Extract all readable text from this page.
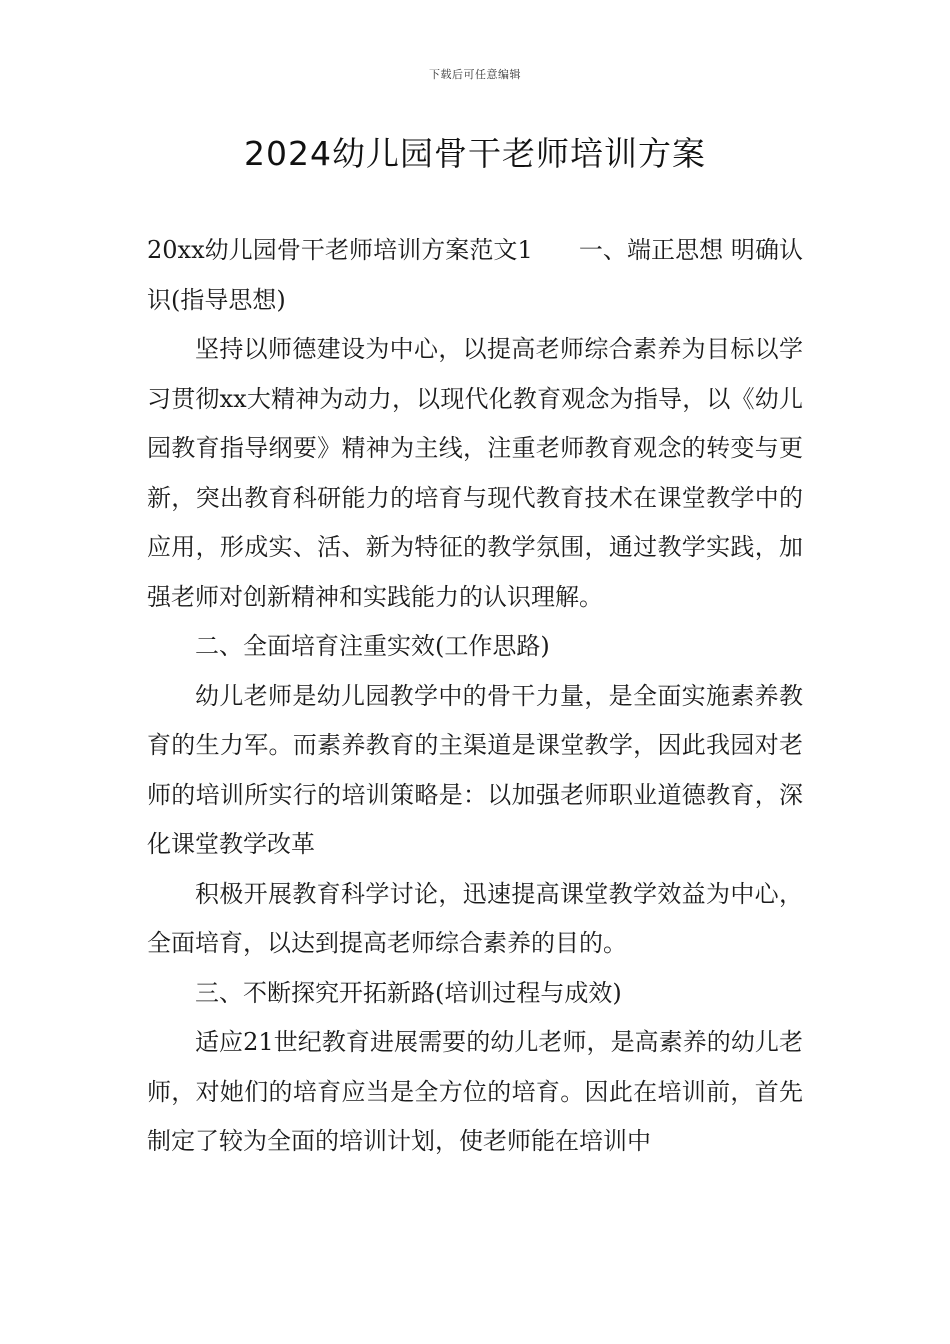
下载后可任意编辑
2024幼儿园骨干老师培训方案

20xx幼儿园骨干老师培训方案范文1      一、端正思想 明确认识(指导思想)

坚持以师德建设为中心，以提高老师综合素养为目标以学习贯彻xx大精神为动力，以现代化教育观念为指导，以《幼儿园教育指导纲要》精神为主线，注重老师教育观念的转变与更新，突出教育科研能力的培育与现代教育技术在课堂教学中的应用，形成实、活、新为特征的教学氛围，通过教学实践，加强老师对创新精神和实践能力的认识理解。

二、全面培育注重实效(工作思路)

幼儿老师是幼儿园教学中的骨干力量，是全面实施素养教育的生力军。而素养教育的主渠道是课堂教学，因此我园对老师的培训所实行的培训策略是：以加强老师职业道德教育，深化课堂教学改革

积极开展教育科学讨论，迅速提高课堂教学效益为中心，全面培育，以达到提高老师综合素养的目的。

三、不断探究开拓新路(培训过程与成效)

适应21世纪教育进展需要的幼儿老师，是高素养的幼儿老师，对她们的培育应当是全方位的培育。因此在培训前，首先制定了较为全面的培训计划，使老师能在培训中
